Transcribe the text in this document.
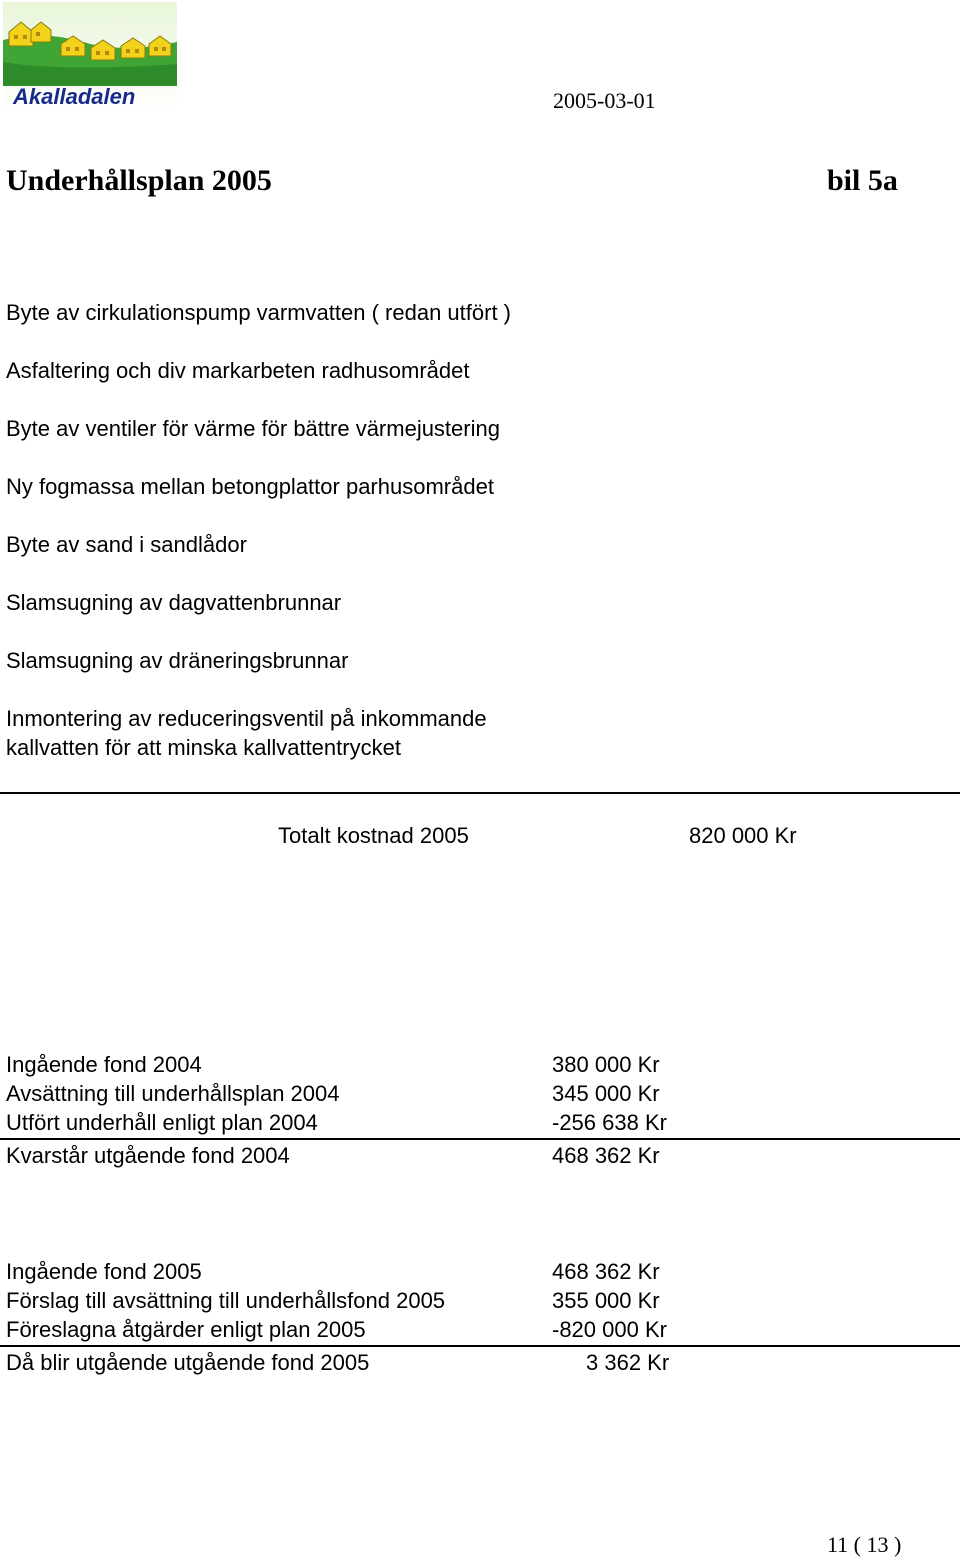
Akalladalen	2005-03-01
Underhållsplan 2005	bil 5a
Byte av cirkulationspump varmvatten ( redan utfört )
Asfaltering och div markarbeten radhusområdet
Byte av ventiler för värme för bättre värmejustering
Ny fogmassa mellan betongplattor parhusområdet
Byte av sand i sandlådor
Slamsugning av dagvattenbrunnar
Slamsugning av dräneringsbrunnar
Inmontering av reduceringsventil på inkommande
kallvatten för att minska kallvattentrycket
Totalt kostnad 2005	820 000 Kr
Ingående fond 2004	380 000 Kr
Avsättning till underhållsplan 2004	345 000 Kr
Utfört underhåll enligt plan 2004	-256 638 Kr
Kvarstår utgående fond 2004	468 362 Kr
Ingående fond 2005	468 362 Kr
Förslag till avsättning till underhållsfond 2005	355 000 Kr
Föreslagna åtgärder enligt plan 2005	-820 000 Kr
Då blir utgående utgående fond 2005	3 362 Kr
11 ( 13 )
